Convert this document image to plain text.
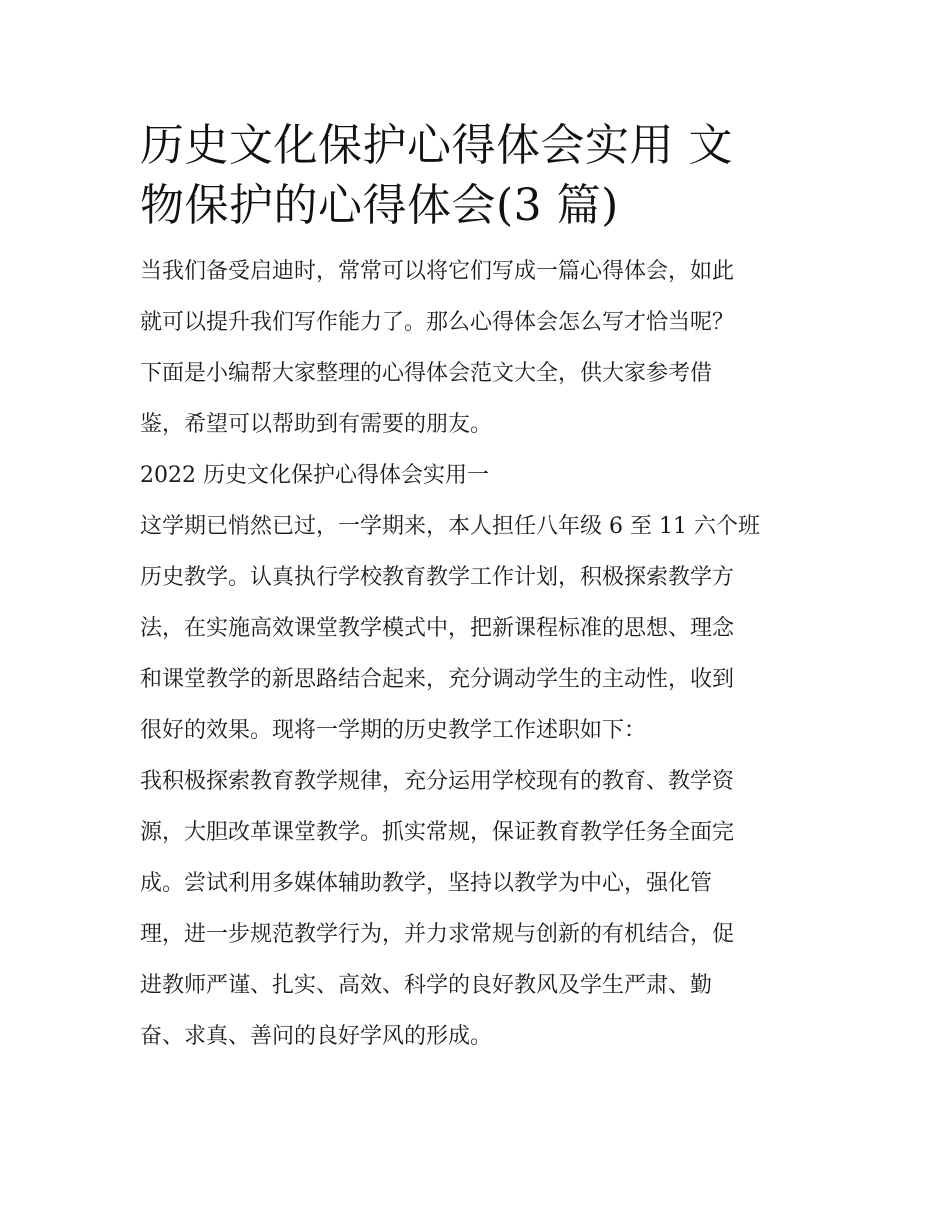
历史文化保护心得体会实用 文
物保护的心得体会(3 篇)

当我们备受启迪时，常常可以将它们写成一篇心得体会，如此
就可以提升我们写作能力了。那么心得体会怎么写才恰当呢？
下面是小编帮大家整理的心得体会范文大全，供大家参考借
鉴，希望可以帮助到有需要的朋友。

2022 历史文化保护心得体会实用一

这学期已悄然已过，一学期来，本人担任八年级 6 至 11 六个班
历史教学。认真执行学校教育教学工作计划，积极探索教学方
法，在实施高效课堂教学模式中，把新课程标准的思想、理念
和课堂教学的新思路结合起来，充分调动学生的主动性，收到
很好的效果。现将一学期的历史教学工作述职如下：

我积极探索教育教学规律，充分运用学校现有的教育、教学资
源，大胆改革课堂教学。抓实常规，保证教育教学任务全面完
成。尝试利用多媒体辅助教学，坚持以教学为中心，强化管
理，进一步规范教学行为，并力求常规与创新的有机结合，促
进教师严谨、扎实、高效、科学的良好教风及学生严肃、勤
奋、求真、善问的良好学风的形成。
